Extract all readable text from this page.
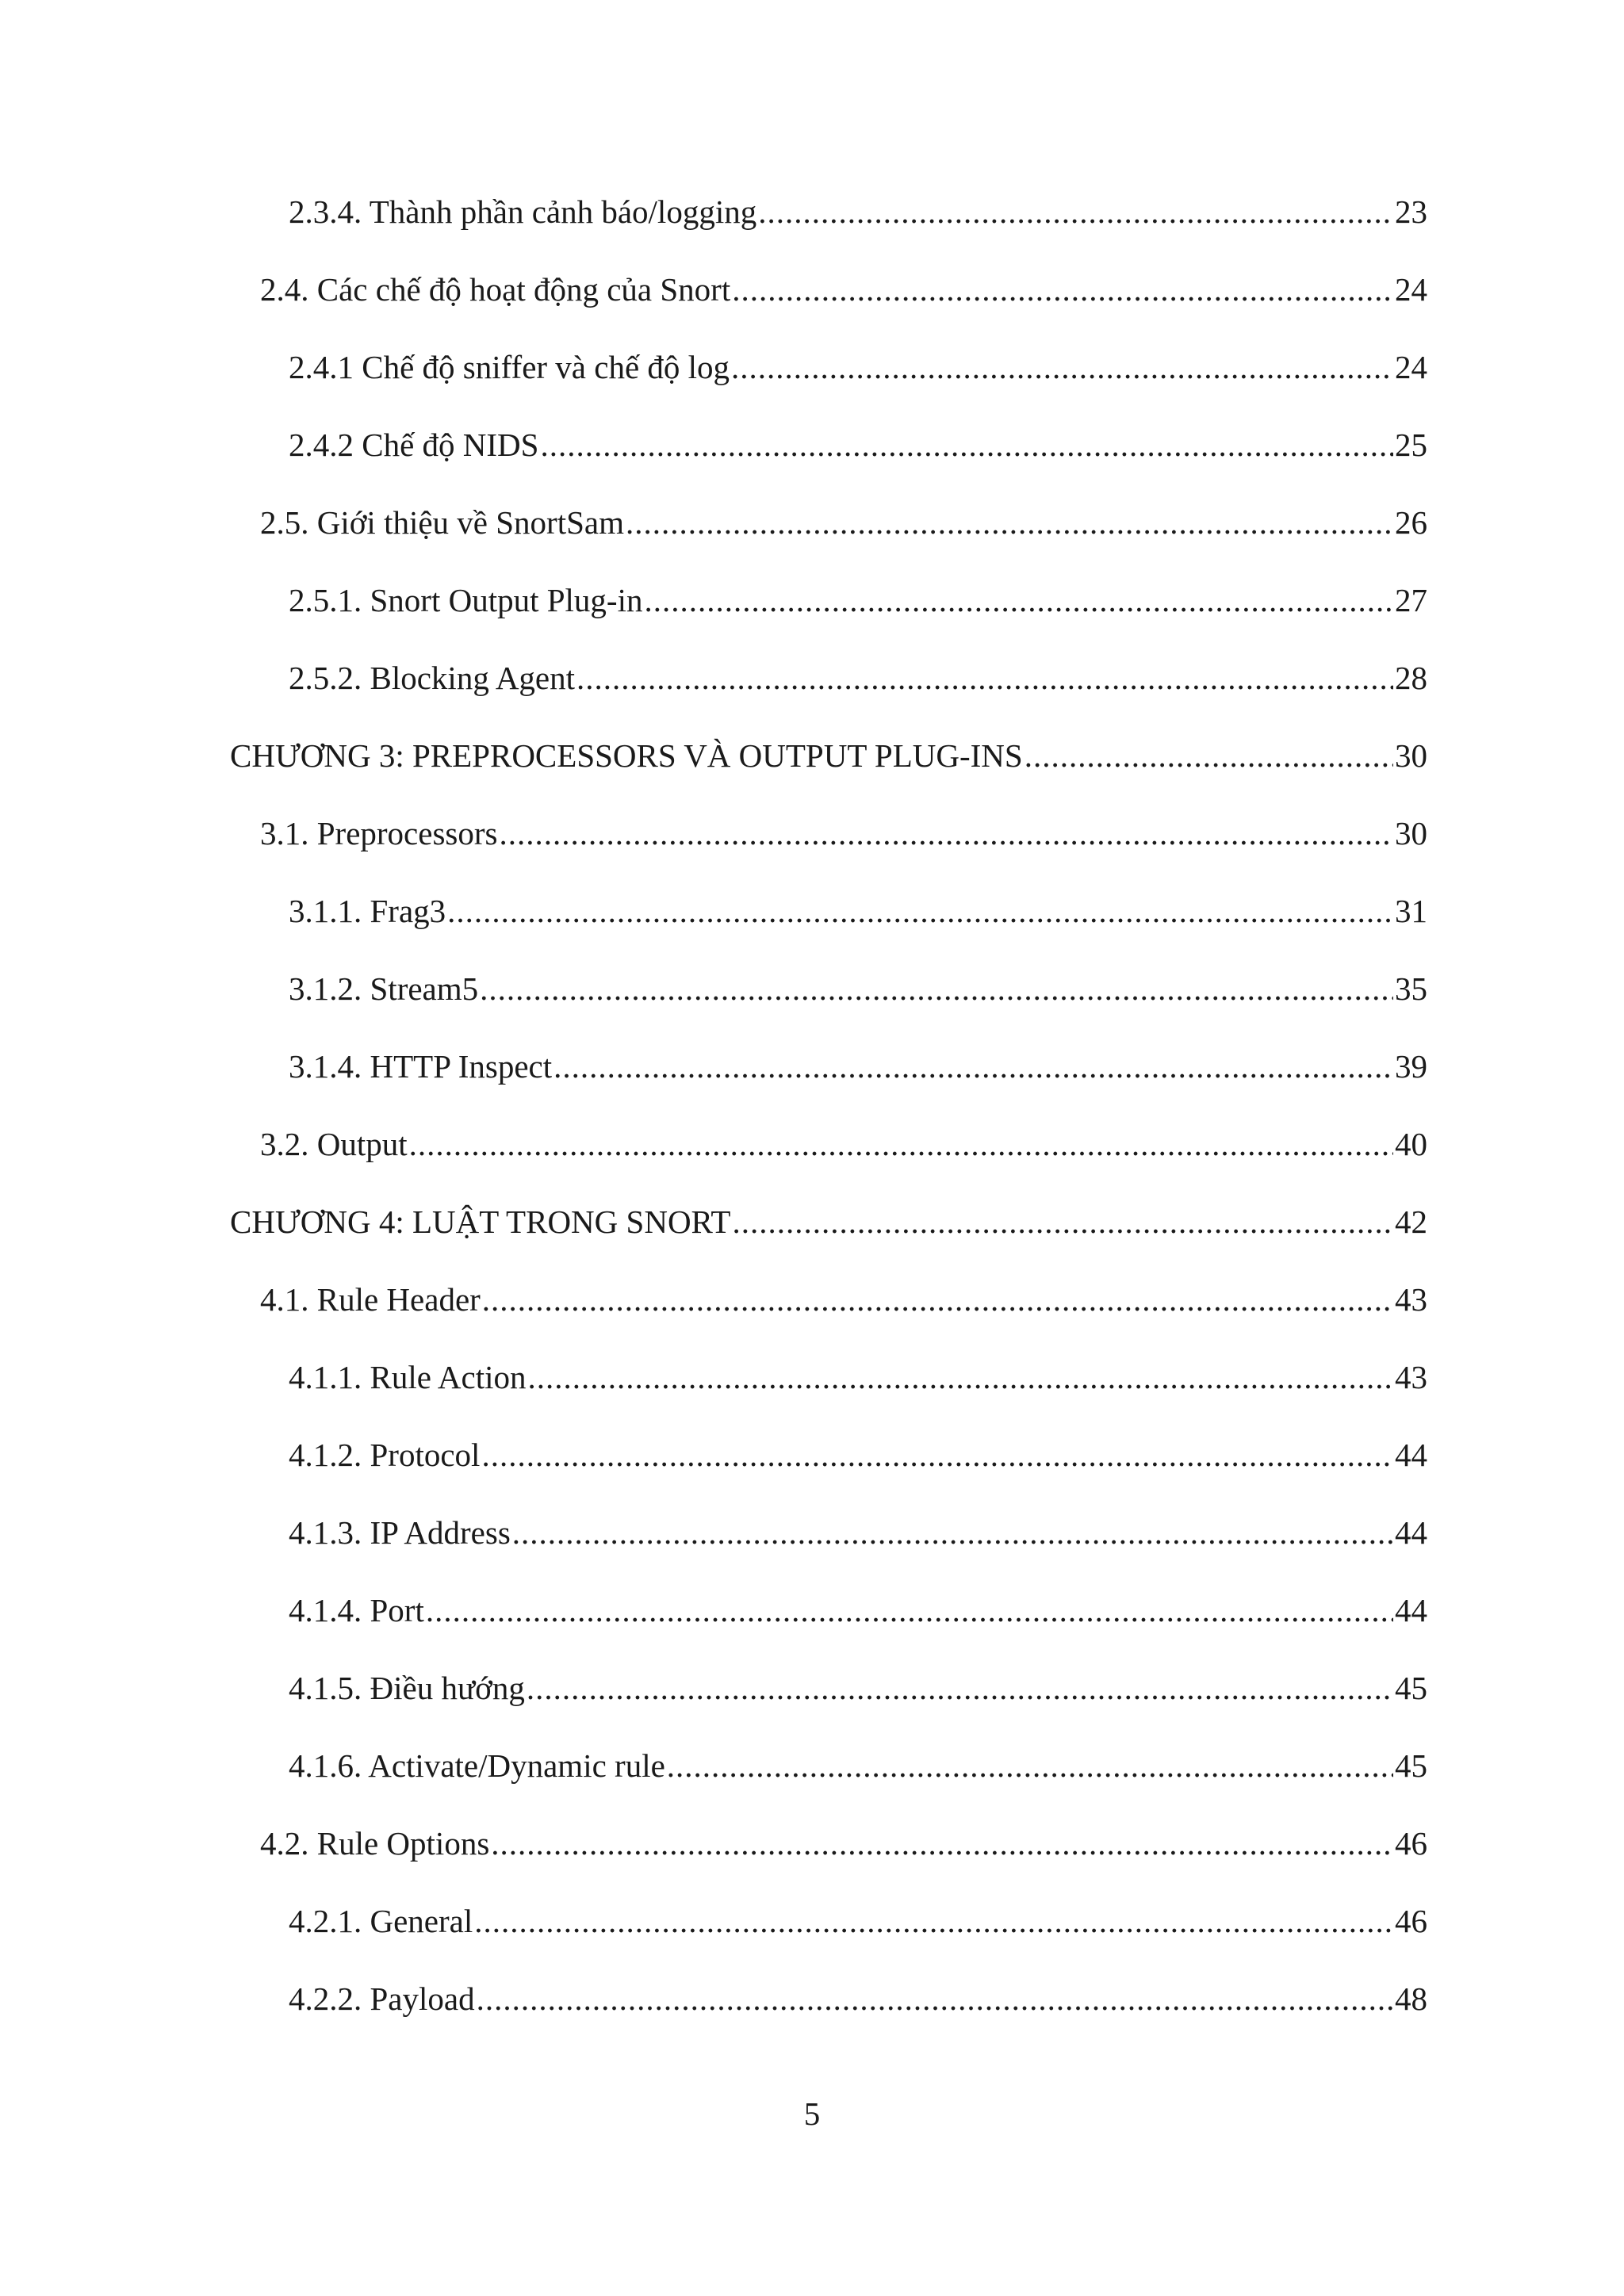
2.3.4. Thành phần cảnh báo/logging .....	23
2.4. Các chế độ hoạt động của Snort .....	24
2.4.1 Chế độ sniffer và chế độ log .....	24
2.4.2 Chế độ NIDS .....	25
2.5. Giới thiệu về SnortSam .....	26
2.5.1. Snort Output Plug-in .....	27
2.5.2. Blocking Agent .....	28
CHƯƠNG 3: PREPROCESSORS VÀ OUTPUT PLUG-INS .....	30
3.1. Preprocessors .....	30
3.1.1. Frag3 .....	31
3.1.2. Stream5 .....	35
3.1.4. HTTP Inspect .....	39
3.2. Output .....	40
CHƯƠNG 4: LUẬT TRONG SNORT .....	42
4.1. Rule Header .....	43
4.1.1. Rule Action .....	43
4.1.2. Protocol .....	44
4.1.3. IP Address .....	44
4.1.4. Port .....	44
4.1.5. Điều hướng .....	45
4.1.6. Activate/Dynamic rule .....	45
4.2. Rule Options .....	46
4.2.1. General .....	46
4.2.2. Payload .....	48
5
